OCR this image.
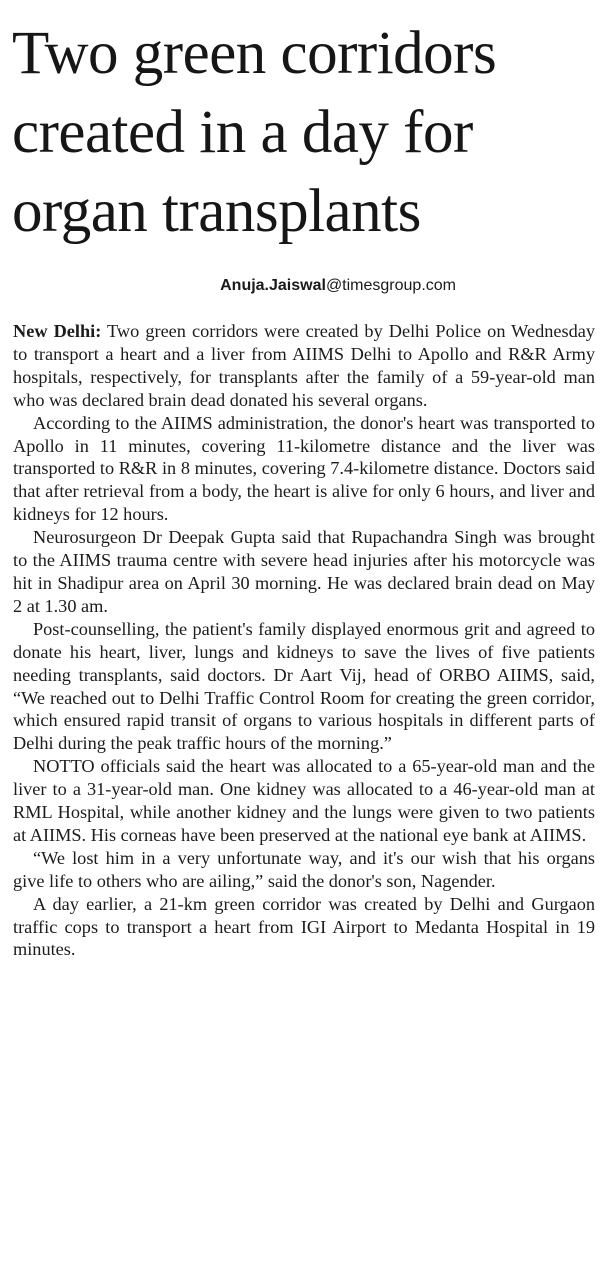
Two green corridors created in a day for organ transplants
Anuja.Jaiswal@timesgroup.com

New Delhi: Two green corridors were created by Delhi Police on Wednesday to transport a heart and a liver from AIIMS Delhi to Apollo and R&R Army hospitals, respectively, for transplants after the family of a 59-year-old man who was declared brain dead donated his several organs.

According to the AIIMS administration, the donor's heart was transported to Apollo in 11 minutes, covering 11-kilometre distance and the liver was transported to R&R in 8 minutes, covering 7.4-kilometre distance. Doctors said that after retrieval from a body, the heart is alive for only 6 hours, and liver and kidneys for 12 hours.

Neurosurgeon Dr Deepak Gupta said that Rupachandra Singh was brought to the AIIMS trauma centre with severe head injuries after his motorcycle was hit in Shadipur area on April 30 morning. He was declared brain dead on May 2 at 1.30 am.

Post-counselling, the patient's family displayed enormous grit and agreed to donate his heart, liver, lungs and kidneys to save the lives of five patients needing transplants, said doctors. Dr Aart Vij, head of ORBO AIIMS, said, “We reached out to Delhi Traffic Control Room for creating the green corridor, which ensured rapid transit of organs to various hospitals in different parts of Delhi during the peak traffic hours of the morning.”

NOTTO officials said the heart was allocated to a 65-year-old man and the liver to a 31-year-old man. One kidney was allocated to a 46-year-old man at RML Hospital, while another kidney and the lungs were given to two patients at AIIMS. His corneas have been preserved at the national eye bank at AIIMS.

“We lost him in a very unfortunate way, and it's our wish that his organs give life to others who are ailing,” said the donor's son, Nagender.

A day earlier, a 21-km green corridor was created by Delhi and Gurgaon traffic cops to transport a heart from IGI Airport to Medanta Hospital in 19 minutes.
